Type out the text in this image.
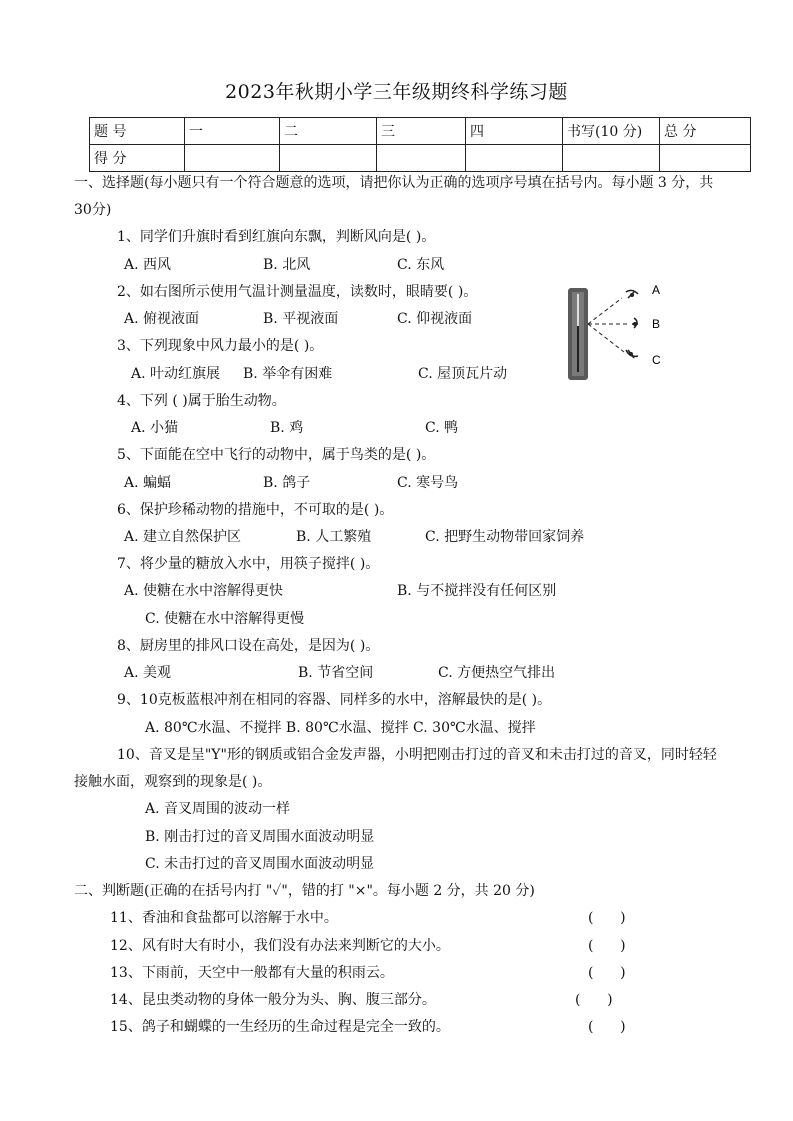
2023年秋期小学三年级期终科学练习题
题 号	一	二	三	四	书写(10 分)	总 分
得 分						
一、选择题(每小题只有一个符合题意的选项，请把你认为正确的选项序号填在括号内。每小题 3 分，共
30分)
1、同学们升旗时看到红旗向东飘，判断风向是( )。
A. 西风	B. 北风	C. 东风
2、如右图所示使用气温计测量温度，读数时，眼睛要( )。
A. 俯视液面	B. 平视液面	C. 仰视液面
3、下列现象中风力最小的是( )。
A. 叶动红旗展 B. 举伞有困难	C. 屋顶瓦片动
A
B
C
4、下列 ( )属于胎生动物。
A. 小猫	B. 鸡	C. 鸭
5、下面能在空中飞行的动物中，属于鸟类的是( )。
A. 蝙蝠	B. 鸽子	C. 寒号鸟
6、保护珍稀动物的措施中，不可取的是( )。
A. 建立自然保护区	B. 人工繁殖	C. 把野生动物带回家饲养
7、将少量的糖放入水中，用筷子搅拌( )。
A. 使糖在水中溶解得更快	B. 与不搅拌没有任何区别
C. 使糖在水中溶解得更慢
8、厨房里的排风口设在高处，是因为( )。
A. 美观	B. 节省空间	C. 方便热空气排出
9、10克板蓝根冲剂在相同的容器、同样多的水中，溶解最快的是( )。
A. 80℃水温、不搅拌 B. 80℃水温、搅拌 C. 30℃水温、搅拌
10、音叉是呈"Y"形的钢质或铝合金发声器，小明把刚击打过的音叉和未击打过的音叉，同时轻轻
接触水面，观察到的现象是( )。
A. 音叉周围的波动一样
B. 刚击打过的音叉周围水面波动明显
C. 未击打过的音叉周围水面波动明显
二、判断题(正确的在括号内打 "✓"，错的打 "×"。每小题 2 分，共 20 分)
11、香油和食盐都可以溶解于水中。	(      )
12、风有时大有时小，我们没有办法来判断它的大小。	(      )
13、下雨前，天空中一般都有大量的积雨云。	(      )
14、昆虫类动物的身体一般分为头、胸、腹三部分。	(      )
15、鸽子和蝴蝶的一生经历的生命过程是完全一致的。	(      )
